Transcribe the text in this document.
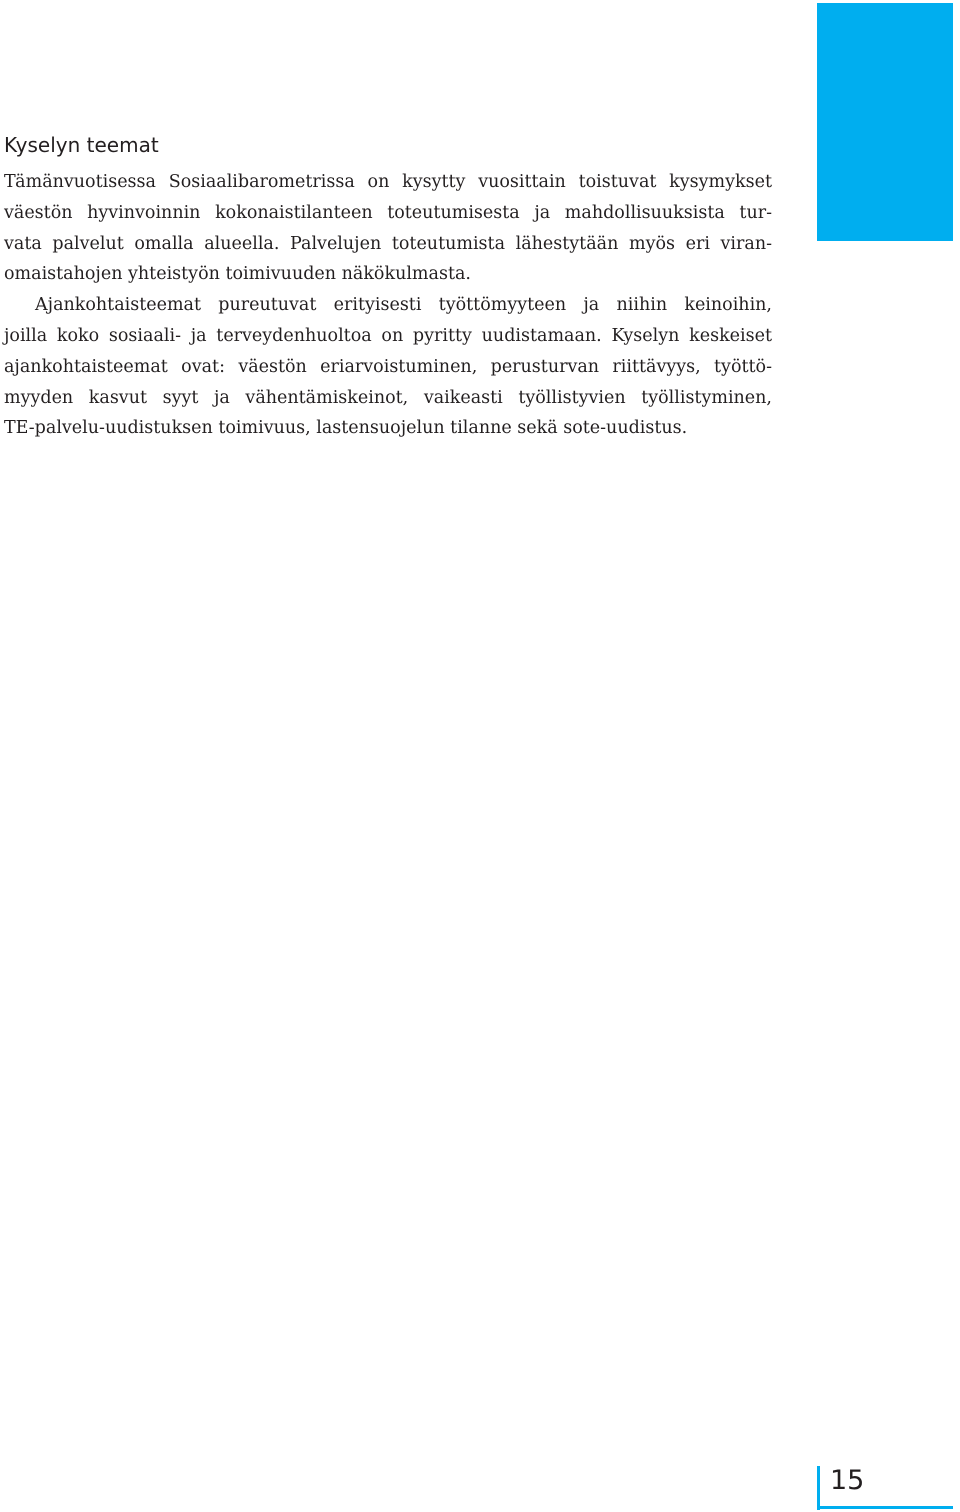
Kyselyn teemat
Tämänvuotisessa Sosiaalibarometrissa on kysytty vuosittain toistuvat kysymykset
väestön hyvinvoinnin kokonaistilanteen toteutumisesta ja mahdollisuuksista tur-
vata palvelut omalla alueella. Palvelujen toteutumista lähestytään myös eri viran-
omaistahojen yhteistyön toimivuuden näkökulmasta.
Ajankohtaisteemat pureutuvat erityisesti työttömyyteen ja niihin keinoihin,
joilla koko sosiaali- ja terveydenhuoltoa on pyritty uudistamaan. Kyselyn keskeiset
ajankohtaisteemat ovat: väestön eriarvoistuminen, perusturvan riittävyys, työttö-
myyden kasvut syyt ja vähentämiskeinot, vaikeasti työllistyvien työllistyminen,
TE-palvelu-uudistuksen toimivuus, lastensuojelun tilanne sekä sote-uudistus.
15
